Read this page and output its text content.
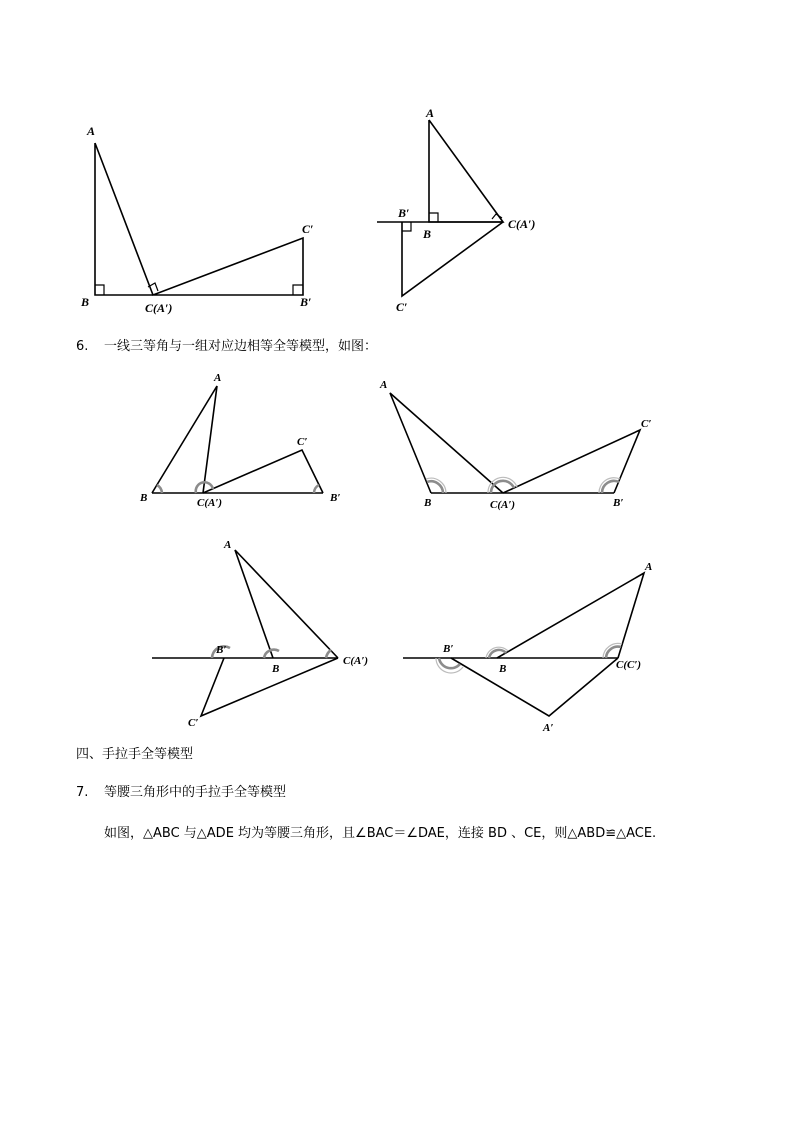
A
B	C(A′)
C′
B′
A
B′
B
C(A′)
C′
A
B	C(A′)
C′
B′
A
B	C(A′)
C′
B′
A
B′
B
C(A′)
C′
B′
B	C(C′)
A
A′
6. 一线三等角与一组对应边相等全等模型，如图：
四、手拉手全等模型
7. 等腰三角形中的手拉手全等模型
如图，△ABC 与△ADE 均为等腰三角形，且∠BAC＝∠DAE，连接 BD 、CE，则△ABD≌△ACE.
